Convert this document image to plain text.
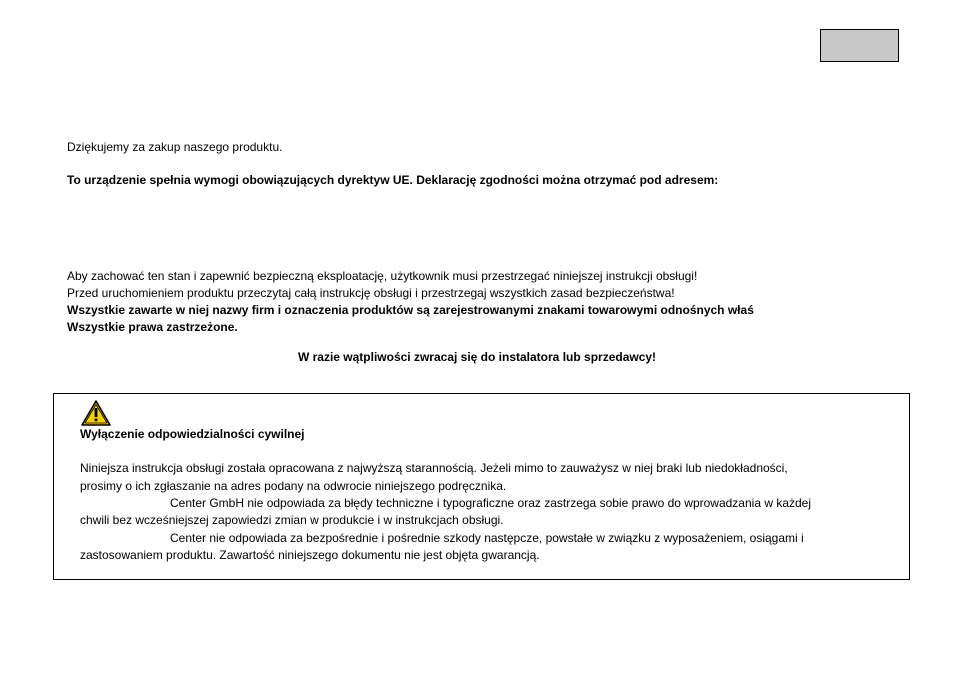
Dziękujemy za zakup naszego produktu.
To urządzenie spełnia wymogi obowiązujących dyrektyw UE. Deklarację zgodności można otrzymać pod adresem:
Aby zachować ten stan i zapewnić bezpieczną eksploatację, użytkownik musi przestrzegać niniejszej instrukcji obsługi!
Przed uruchomieniem produktu przeczytaj całą instrukcję obsługi i przestrzegaj wszystkich zasad bezpieczeństwa!
Wszystkie zawarte w niej nazwy firm i oznaczenia produktów są zarejestrowanymi znakami towarowymi odnośnych właś
Wszystkie prawa zastrzeżone.
W razie wątpliwości zwracaj się do instalatora lub sprzedawcy!
Wyłączenie odpowiedzialności cywilnej
Niniejsza instrukcja obsługi została opracowana z najwyższą starannością. Jeżeli mimo to zauważysz w niej braki lub niedokładności,
prosimy o ich zgłaszanie na adres podany na odwrocie niniejszego podręcznika.
Center GmbH nie odpowiada za błędy techniczne i typograficzne oraz zastrzega sobie prawo do wprowadzania w każdej
chwili bez wcześniejszej zapowiedzi zmian w produkcie i w instrukcjach obsługi.
Center nie odpowiada za bezpośrednie i pośrednie szkody następcze, powstałe w związku z wyposażeniem, osiągami i
zastosowaniem produktu. Zawartość niniejszego dokumentu nie jest objęta gwarancją.
